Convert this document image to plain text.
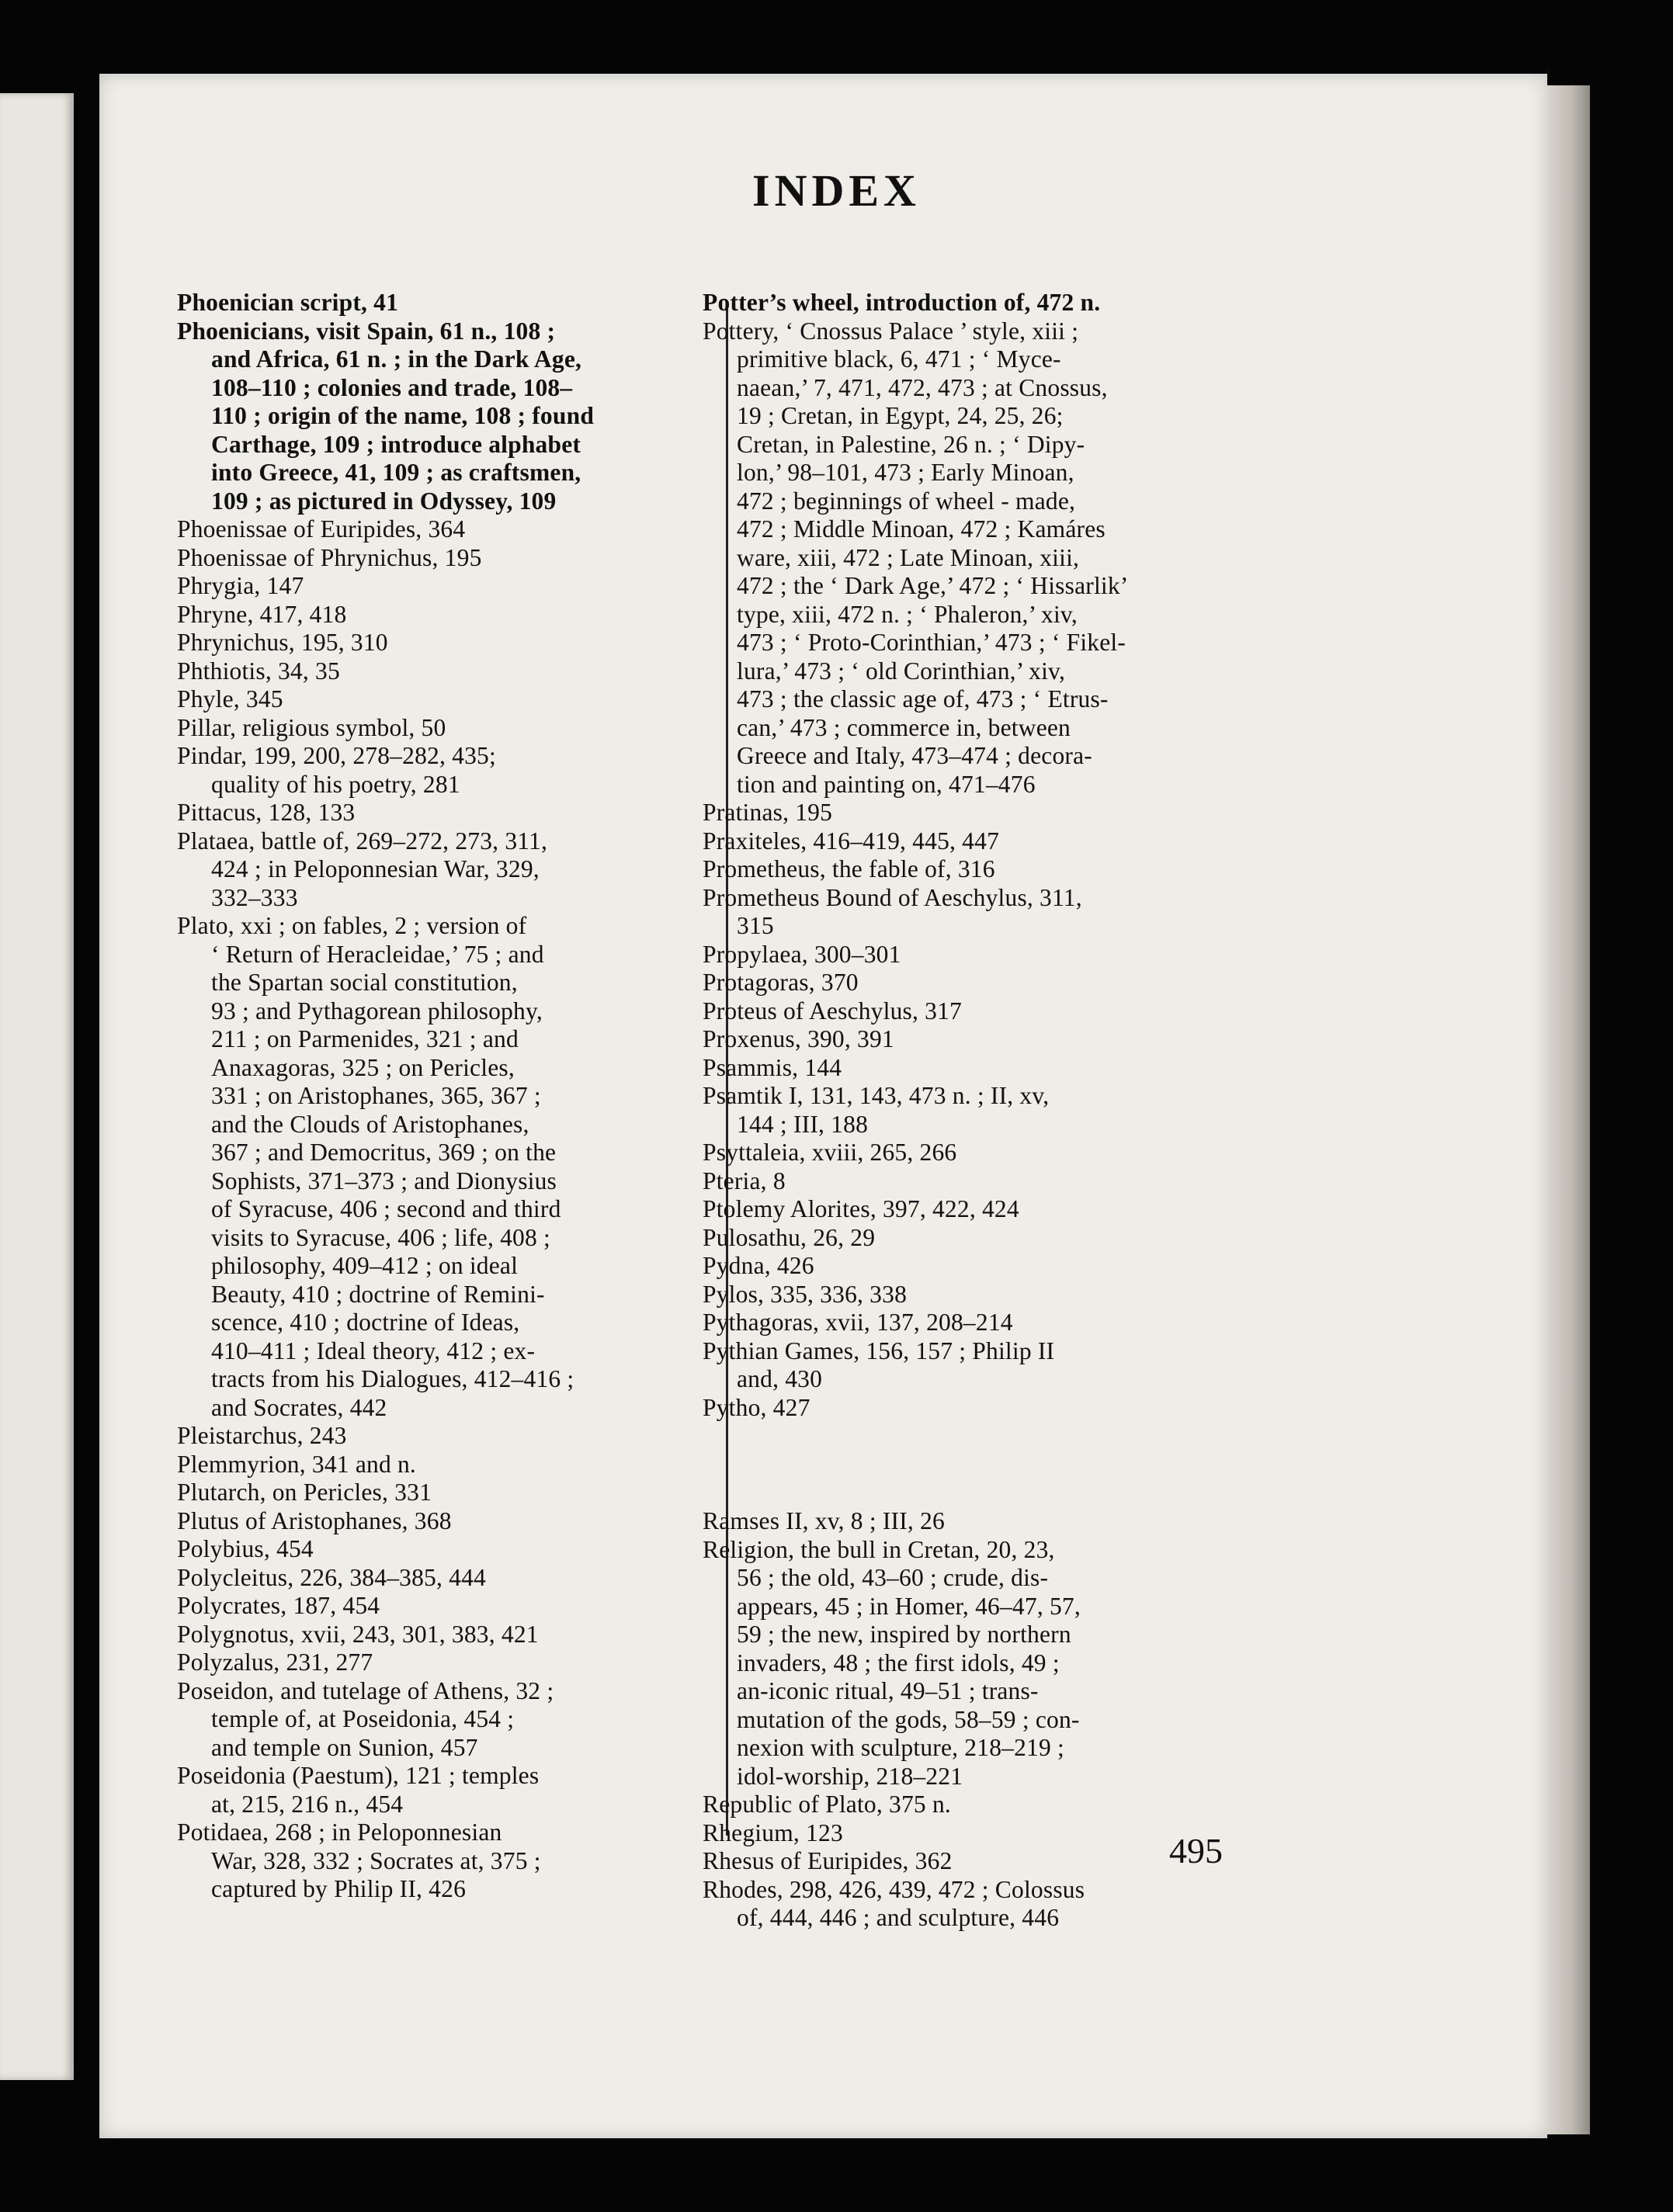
INDEX
Phoenician script, 41
Phoenicians, visit Spain, 61 n., 108 ;
and Africa, 61 n. ; in the Dark Age,
108–110 ; colonies and trade, 108–
110 ; origin of the name, 108 ; found
Carthage, 109 ; introduce alphabet
into Greece, 41, 109 ; as craftsmen,
109 ; as pictured in Odyssey, 109
Phoenissae of Euripides, 364
Phoenissae of Phrynichus, 195
Phrygia, 147
Phryne, 417, 418
Phrynichus, 195, 310
Phthiotis, 34, 35
Phyle, 345
Pillar, religious symbol, 50
Pindar, 199, 200, 278–282, 435;
quality of his poetry, 281
Pittacus, 128, 133
Plataea, battle of, 269–272, 273, 311,
424 ; in Peloponnesian War, 329,
332–333
Plato, xxi ; on fables, 2 ; version of
‘ Return of Heracleidae,’ 75 ; and
the Spartan social constitution,
93 ; and Pythagorean philosophy,
211 ; on Parmenides, 321 ; and
Anaxagoras, 325 ; on Pericles,
331 ; on Aristophanes, 365, 367 ;
and the Clouds of Aristophanes,
367 ; and Democritus, 369 ; on the
Sophists, 371–373 ; and Dionysius
of Syracuse, 406 ; second and third
visits to Syracuse, 406 ; life, 408 ;
philosophy, 409–412 ; on ideal
Beauty, 410 ; doctrine of Remini-
scence, 410 ; doctrine of Ideas,
410–411 ; Ideal theory, 412 ; ex-
tracts from his Dialogues, 412–416 ;
and Socrates, 442
Pleistarchus, 243
Plemmyrion, 341 and n.
Plutarch, on Pericles, 331
Plutus of Aristophanes, 368
Polybius, 454
Polycleitus, 226, 384–385, 444
Polycrates, 187, 454
Polygnotus, xvii, 243, 301, 383, 421
Polyzalus, 231, 277
Poseidon, and tutelage of Athens, 32 ;
temple of, at Poseidonia, 454 ;
and temple on Sunion, 457
Poseidonia (Paestum), 121 ; temples
at, 215, 216 n., 454
Potidaea, 268 ; in Peloponnesian
War, 328, 332 ; Socrates at, 375 ;
captured by Philip II, 426
Potter’s wheel, introduction of, 472 n.
Pottery, ‘ Cnossus Palace ’ style, xiii ;
primitive black, 6, 471 ; ‘ Myce-
naean,’ 7, 471, 472, 473 ; at Cnossus,
19 ; Cretan, in Egypt, 24, 25, 26;
Cretan, in Palestine, 26 n. ; ‘ Dipy-
lon,’ 98–101, 473 ; Early Minoan,
472 ; beginnings of wheel - made,
472 ; Middle Minoan, 472 ; Kamáres
ware, xiii, 472 ; Late Minoan, xiii,
472 ; the ‘ Dark Age,’ 472 ; ‘ Hissarlik’
type, xiii, 472 n. ; ‘ Phaleron,’ xiv,
473 ; ‘ Proto-Corinthian,’ 473 ; ‘ Fikel-
lura,’ 473 ; ‘ old Corinthian,’ xiv,
473 ; the classic age of, 473 ; ‘ Etrus-
can,’ 473 ; commerce in, between
Greece and Italy, 473–474 ; decora-
tion and painting on, 471–476
Pratinas, 195
Praxiteles, 416–419, 445, 447
Prometheus, the fable of, 316
Prometheus Bound of Aeschylus, 311,
315
Propylaea, 300–301
Protagoras, 370
Proteus of Aeschylus, 317
Proxenus, 390, 391
Psammis, 144
Psamtik I, 131, 143, 473 n. ; II, xv,
144 ; III, 188
Psyttaleia, xviii, 265, 266
Pteria, 8
Ptolemy Alorites, 397, 422, 424
Pulosathu, 26, 29
Pydna, 426
Pylos, 335, 336, 338
Pythagoras, xvii, 137, 208–214
Pythian Games, 156, 157 ; Philip II
and, 430
Pytho, 427
Ramses II, xv, 8 ; III, 26
Religion, the bull in Cretan, 20, 23,
56 ; the old, 43–60 ; crude, dis-
appears, 45 ; in Homer, 46–47, 57,
59 ; the new, inspired by northern
invaders, 48 ; the first idols, 49 ;
an-iconic ritual, 49–51 ; trans-
mutation of the gods, 58–59 ; con-
nexion with sculpture, 218–219 ;
idol-worship, 218–221
Republic of Plato, 375 n.
Rhegium, 123
Rhesus of Euripides, 362
Rhodes, 298, 426, 439, 472 ; Colossus
of, 444, 446 ; and sculpture, 446
495
